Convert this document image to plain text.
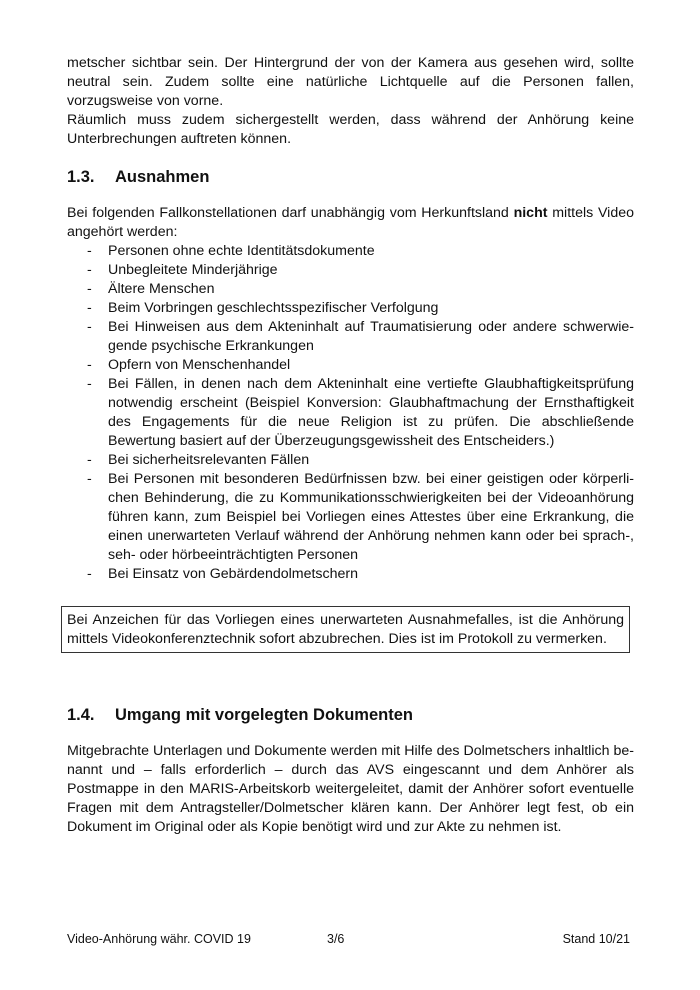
metscher sichtbar sein. Der Hintergrund der von der Kamera aus gesehen wird, sollte neutral sein. Zudem sollte eine natürliche Lichtquelle auf die Personen fallen, vorzugsweise von vorne.

Räumlich muss zudem sichergestellt werden, dass während der Anhörung keine Unterbrechungen auftreten können.

1.3.	Ausnahmen

Bei folgenden Fallkonstellationen darf unabhängig vom Herkunftsland nicht mittels Video angehört werden:

- Personen ohne echte Identitätsdokumente
- Unbegleitete Minderjährige
- Ältere Menschen
- Beim Vorbringen geschlechtsspezifischer Verfolgung
- Bei Hinweisen aus dem Akteninhalt auf Traumatisierung oder andere schwerwiegende psychische Erkrankungen
- Opfern von Menschenhandel
- Bei Fällen, in denen nach dem Akteninhalt eine vertiefte Glaubhaftigkeitsprüfung notwendig erscheint (Beispiel Konversion: Glaubhaftmachung der Ernsthaftigkeit des Engagements für die neue Religion ist zu prüfen. Die abschließende Bewertung basiert auf der Überzeugungsgewissheit des Entscheiders.)
- Bei sicherheitsrelevanten Fällen
- Bei Personen mit besonderen Bedürfnissen bzw. bei einer geistigen oder körperlichen Behinderung, die zu Kommunikationsschwierigkeiten bei der Videoanhörung führen kann, zum Beispiel bei Vorliegen eines Attestes über eine Erkrankung, die einen unerwarteten Verlauf während der Anhörung nehmen kann oder bei sprach-, seh- oder hörbeeinträchtigten Personen
- Bei Einsatz von Gebärdendolmetschern

Bei Anzeichen für das Vorliegen eines unerwarteten Ausnahmefalles, ist die Anhörung mittels Videokonferenztechnik sofort abzubrechen. Dies ist im Protokoll zu vermerken.

1.4.	Umgang mit vorgelegten Dokumenten

Mitgebrachte Unterlagen und Dokumente werden mit Hilfe des Dolmetschers inhaltlich benannt und – falls erforderlich – durch das AVS eingescannt und dem Anhörer als Postmappe in den MARIS-Arbeitskorb weitergeleitet, damit der Anhörer sofort eventuelle Fragen mit dem Antragsteller/Dolmetscher klären kann. Der Anhörer legt fest, ob ein Dokument im Original oder als Kopie benötigt wird und zur Akte zu nehmen ist.

Video-Anhörung währ. COVID 19	3/6	Stand 10/21
